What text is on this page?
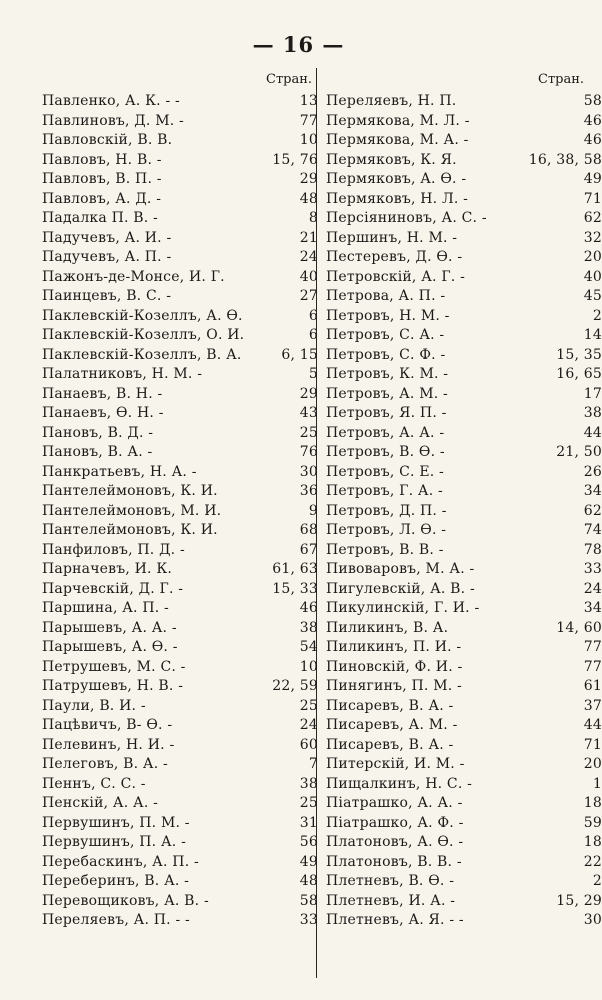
— 16 —
Стран.	Стран.
Павленко, А. К. - -	13
Павлиновъ, Д. М. -	77
Павловскій, В. В.	10
Павловъ, Н. В. -	15, 76
Павловъ, В. П. -	29
Павловъ, А. Д. -	48
Падалка П. В. -	8
Падучевъ, А. И. -	21
Падучевъ, А. П. -	24
Пажонъ-де-Монсе, И. Г.	40
Паинцевъ, В. С. -	27
Паклевскій-Козеллъ, А. Ѳ.	6
Паклевскій-Козеллъ, О. И.	6
Паклевскій-Козеллъ, В. А.	6, 15
Палатниковъ, Н. М. -	5
Панаевъ, В. Н. -	29
Панаевъ, Ѳ. Н. -	43
Пановъ, В. Д. -	25
Пановъ, В. А. -	76
Панкратьевъ, Н. А. -	30
Пантелеймоновъ, К. И.	36
Пантелеймоновъ, М. И.	9
Пантелеймоновъ, К. И.	68
Панфиловъ, П. Д. -	67
Парначевъ, И. К.	61, 63
Парчевскій, Д. Г. -	15, 33
Паршина, А. П. -	46
Парышевъ, А. А. -	38
Парышевъ, А. Ѳ. -	54
Петрушевъ, М. С. -	10
Патрушевъ, Н. В. -	22, 59
Паули, В. И. -	25
Пацѣвичъ, В- Ѳ. -	24
Пелевинъ, Н. И. -	60
Пелеговъ, В. А. -	7
Пеннъ, С. С. -	38
Пенскій, А. А. -	25
Первушинъ, П. М. -	31
Первушинъ, П. А. -	56
Перебаскинъ, А. П. -	49
Переберинъ, В. А. -	48
Перевощиковъ, А. В. -	58
Переляевъ, А. П. - -	33
Переляевъ, Н. П.	58
Пермякова, М. Л. -	46
Пермякова, М. А. -	46
Пермяковъ, К. Я.	16, 38, 58
Пермяковъ, А. Ѳ. -	49
Пермяковъ, Н. Л. -	71
Персіяниновъ, А. С. -	62
Першинъ, Н. М. -	32
Пестеревъ, Д. Ѳ. -	20
Петровскій, А. Г. -	40
Петрова, А. П. -	45
Петровъ, Н. М. -	2
Петровъ, С. А. -	14
Петровъ, С. Ф. -	15, 35
Петровъ, К. М. -	16, 65
Петровъ, А. М. -	17
Петровъ, Я. П. -	38
Петровъ, А. А. -	44
Петровъ, В. Ѳ. -	21, 50
Петровъ, С. Е. -	26
Петровъ, Г. А. -	34
Петровъ, Д. П. -	62
Петровъ, Л. Ѳ. -	74
Петровъ, В. В. -	78
Пивоваровъ, М. А. -	33
Пигулевскій, А. В. -	24
Пикулинскій, Г. И. -	34
Пиликинъ, В. А.	14, 60
Пиликинъ, П. И. -	77
Пиновскій, Ф. И. -	77
Пинягинъ, П. М. -	61
Писаревъ, В. А. -	37
Писаревъ, А. М. -	44
Писаревъ, В. А. -	71
Питерскій, И. М. -	20
Пищалкинъ, Н. С. -	1
Піатрашко, А. А. -	18
Піатрашко, А. Ф. -	59
Платоновъ, А. Ѳ. -	18
Платоновъ, В. В. -	22
Плетневъ, В. Ѳ. -	2
Плетневъ, И. А. -	15, 29
Плетневъ, А. Я. - -	30
